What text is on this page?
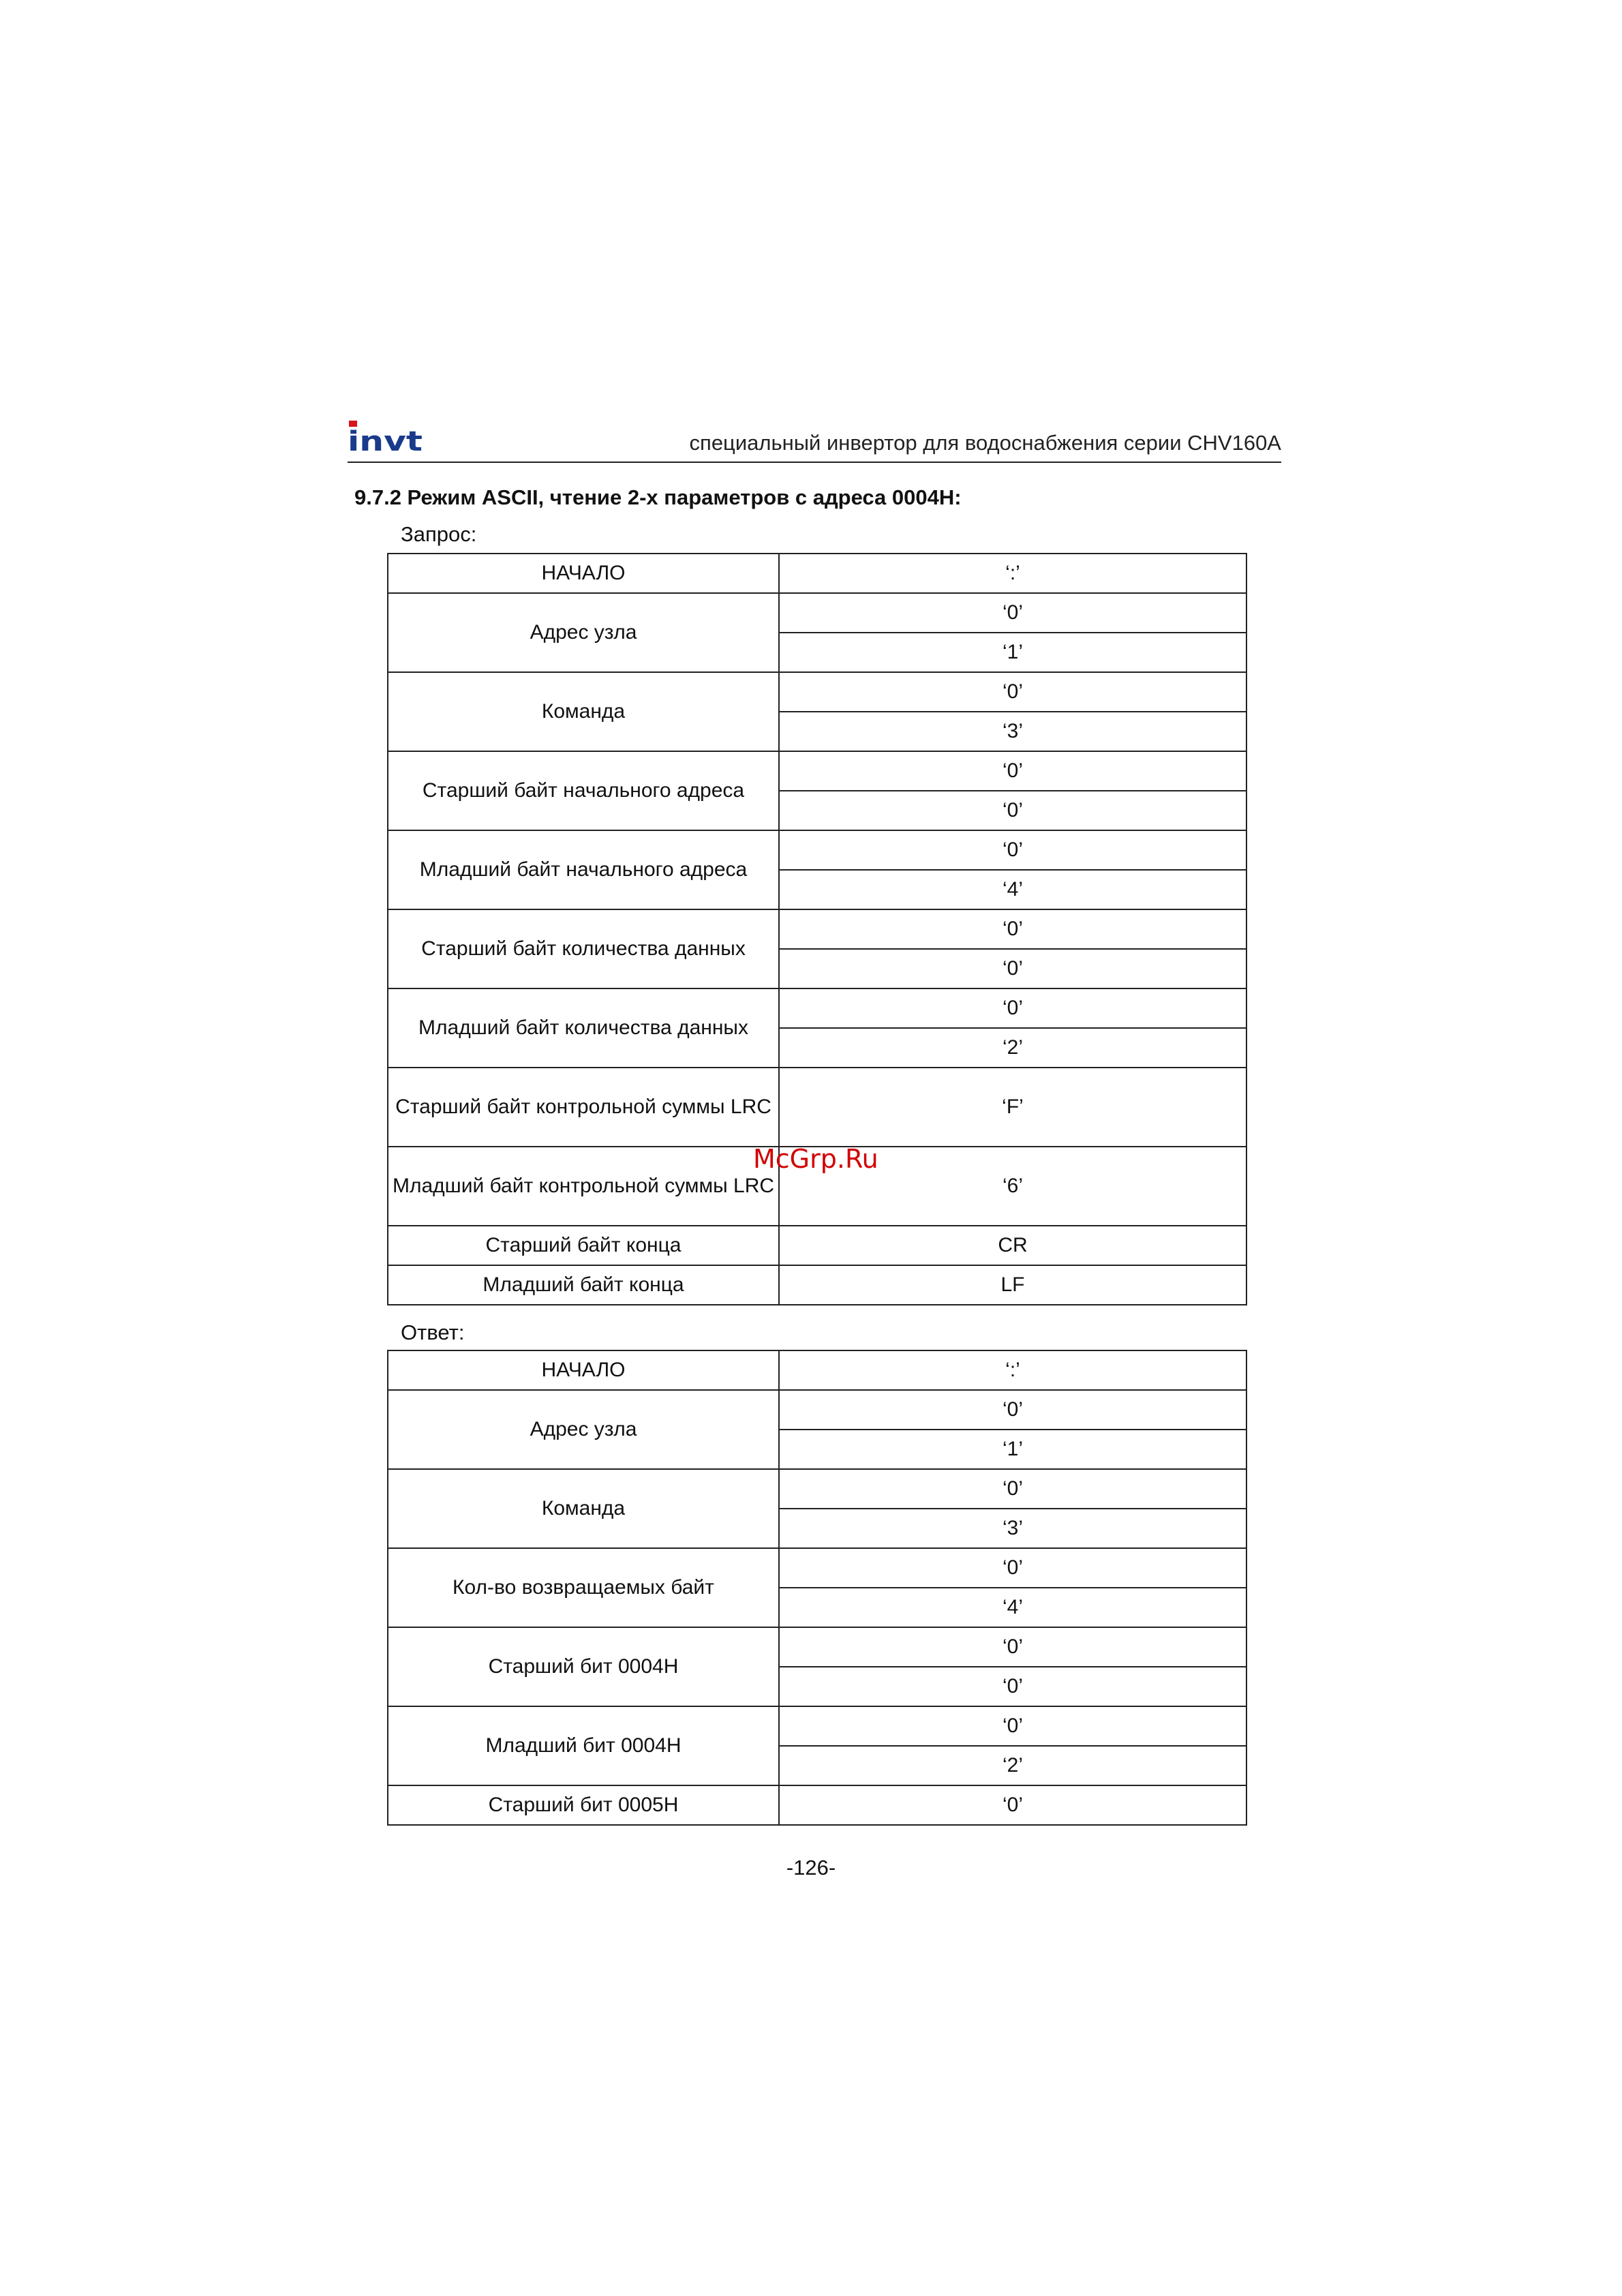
invt	специальный инвертор для водоснабжения серии CHV160A
9.7.2 Режим ASCII, чтение 2-х параметров с адреса 0004H:
Запрос:
НАЧАЛО	‘:’
Адрес узла	‘0’
	‘1’
Команда	‘0’
	‘3’
Старший байт начального адреса	‘0’
	‘0’
Младший байт начального адреса	‘0’
	‘4’
Старший байт количества данных	‘0’
	‘0’
Младший байт количества данных	‘0’
	‘2’
Старший байт контрольной суммы LRC	‘F’
Младший байт контрольной суммы LRC	‘6’
Старший байт конца	CR
Младший байт конца	LF
Ответ:
НАЧАЛО	‘:’
Адрес узла	‘0’
	‘1’
Команда	‘0’
	‘3’
Кол-во возвращаемых байт	‘0’
	‘4’
Старший бит 0004H	‘0’
	‘0’
Младший бит 0004H	‘0’
	‘2’
Старший бит 0005H	‘0’
McGrp.Ru
-126-
